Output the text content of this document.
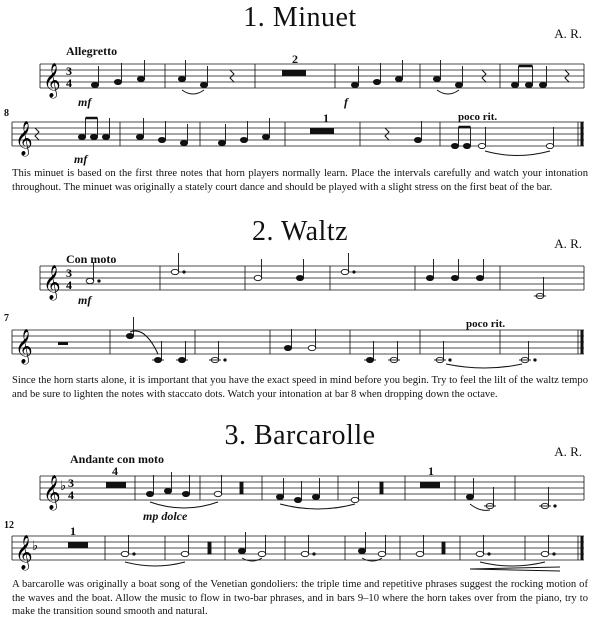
1. Minuet
A. R.
Allegretto
2
𝄞 3
4
mf	f
8	1	poco rit.
𝄞
mf
This minuet is based on the first three notes that horn players normally learn. Place the intervals carefully and watch your intonation throughout. The minuet was originally a stately court dance and should be played with a slight stress on the first beat of the bar.
2. Waltz	A. R.
Con moto
𝄞 3
4
mf
7	poco rit.
𝄞
Since the horn starts alone, it is important that you have the exact speed in mind before you begin. Try to feel the lilt of the waltz tempo and be sure to lighten the notes with staccato dots. Watch your intonation at bar 8 when dropping down the octave.
3. Barcarolle
A. R.
Andante con moto
4	1
𝄞 ♭ 3
4
mp dolce
12	1
𝄞 ♭
A barcarolle was originally a boat song of the Venetian gondoliers: the triple time and repetitive phrases suggest the rocking motion of the waves and the boat. Allow the music to flow in two-bar phrases, and in bars 9–10 where the horn takes over from the piano, try to make the transition sound smooth and natural.
